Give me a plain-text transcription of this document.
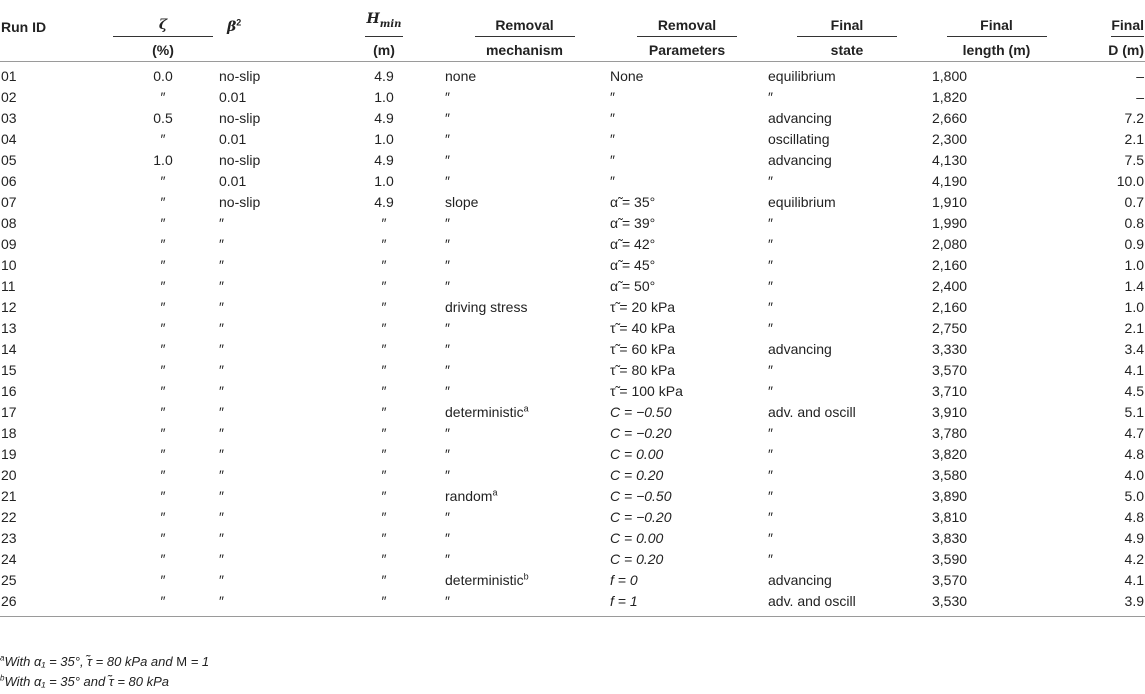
Run ID	ζ	$\beta^2$	$H_{min}$	Removal	Removal	Final	Final	Final
	(%)		(m)	mechanism	Parameters	state	length (m)	D (m)
01	0.0	no-slip	4.9	none	None	equilibrium	1,800	–
02	″	0.01	1.0	″	″	″	1,820	–
03	0.5	no-slip	4.9	″	″	advancing	2,660	7.2
04	″	0.01	1.0	″	″	oscillating	2,300	2.1
05	1.0	no-slip	4.9	″	″	advancing	4,130	7.5
06	″	0.01	1.0	″	″	″	4,190	10.0
07	″	no-slip	4.9	slope	α̃ = 35°	equilibrium	1,910	0.7
08	″	″	″	″	α̃ = 39°	″	1,990	0.8
09	″	″	″	″	α̃ = 42°	″	2,080	0.9
10	″	″	″	″	α̃ = 45°	″	2,160	1.0
11	″	″	″	″	α̃ = 50°	″	2,400	1.4
12	″	″	″	driving stress	τ̃ = 20 kPa	″	2,160	1.0
13	″	″	″	″	τ̃ = 40 kPa	″	2,750	2.1
14	″	″	″	″	τ̃ = 60 kPa	advancing	3,330	3.4
15	″	″	″	″	τ̃ = 80 kPa	″	3,570	4.1
16	″	″	″	″	τ̃ = 100 kPa	″	3,710	4.5
17	″	″	″	deterministic$^a$	C = −0.50	adv. and oscill	3,910	5.1
18	″	″	″	″	C = −0.20	″	3,780	4.7
19	″	″	″	″	C = 0.00	″	3,820	4.8
20	″	″	″	″	C = 0.20	″	3,580	4.0
21	″	″	″	random$^a$	C = −0.50	″	3,890	5.0
22	″	″	″	″	C = −0.20	″	3,810	4.8
23	″	″	″	″	C = 0.00	″	3,830	4.9
24	″	″	″	″	C = 0.20	″	3,590	4.2
25	″	″	″	deterministic$^b$	f = 0	advancing	3,570	4.1
26	″	″	″	″	f = 1	adv. and oscill	3,530	3.9
$^a$With α₁ = 35°, τ̃ = 80 kPa and M = 1
$^b$With α₁ = 35° and τ̃ = 80 kPa
